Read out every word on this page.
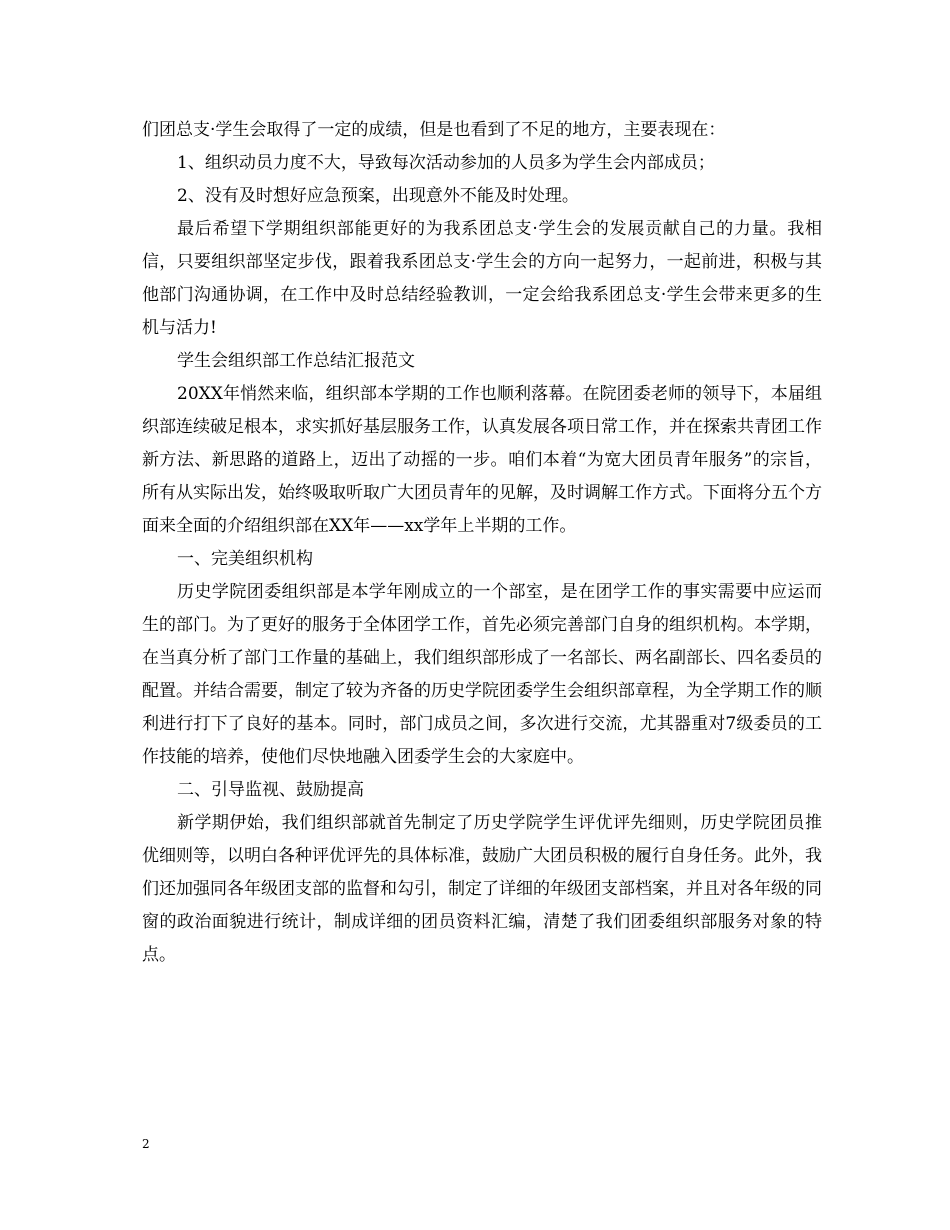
们团总支·学生会取得了一定的成绩，但是也看到了不足的地方，主要表现在：

1、组织动员力度不大，导致每次活动参加的人员多为学生会内部成员；

2、没有及时想好应急预案，出现意外不能及时处理。

最后希望下学期组织部能更好的为我系团总支·学生会的发展贡献自己的力量。我相信，只要组织部坚定步伐，跟着我系团总支·学生会的方向一起努力，一起前进，积极与其他部门沟通协调，在工作中及时总结经验教训，一定会给我系团总支·学生会带来更多的生机与活力!

学生会组织部工作总结汇报范文

20XX年悄然来临，组织部本学期的工作也顺利落幕。在院团委老师的领导下，本届组织部连续破足根本，求实抓好基层服务工作，认真发展各项日常工作，并在探索共青团工作新方法、新思路的道路上，迈出了动摇的一步。咱们本着“为宽大团员青年服务”的宗旨，所有从实际出发，始终吸取听取广大团员青年的见解，及时调解工作方式。下面将分五个方面来全面的介绍组织部在XX年——xx学年上半期的工作。

一、完美组织机构

历史学院团委组织部是本学年刚成立的一个部室，是在团学工作的事实需要中应运而生的部门。为了更好的服务于全体团学工作，首先必须完善部门自身的组织机构。本学期，在当真分析了部门工作量的基础上，我们组织部形成了一名部长、两名副部长、四名委员的配置。并结合需要，制定了较为齐备的历史学院团委学生会组织部章程，为全学期工作的顺利进行打下了良好的基本。同时，部门成员之间，多次进行交流，尤其器重对7级委员的工作技能的培养，使他们尽快地融入团委学生会的大家庭中。

二、引导监视、鼓励提高

新学期伊始，我们组织部就首先制定了历史学院学生评优评先细则，历史学院团员推优细则等，以明白各种评优评先的具体标准，鼓励广大团员积极的履行自身任务。此外，我们还加强同各年级团支部的监督和勾引，制定了详细的年级团支部档案，并且对各年级的同窗的政治面貌进行统计，制成详细的团员资料汇编，清楚了我们团委组织部服务对象的特点。

2
